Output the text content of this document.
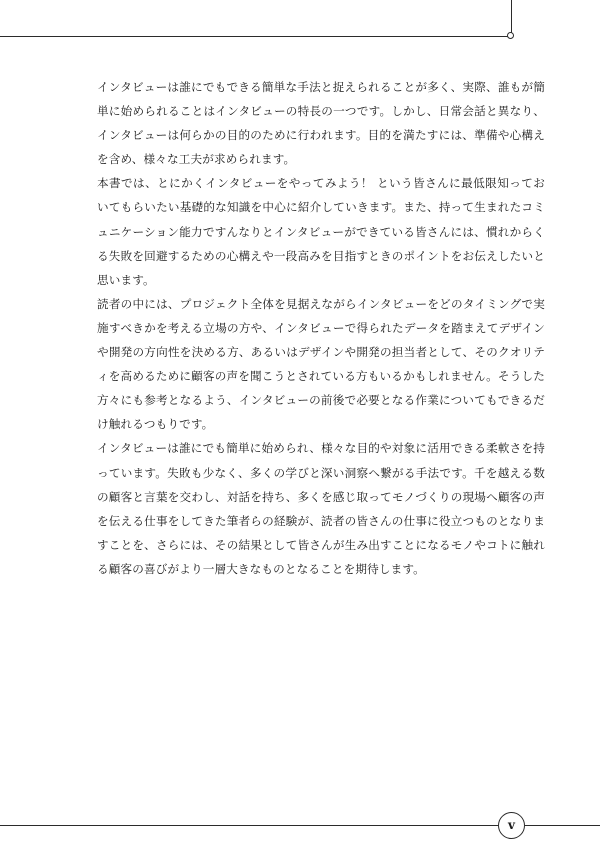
インタビューは誰にでもできる簡単な手法と捉えられることが多く、実際、誰もが簡単に始められることはインタビューの特長の一つです。しかし、日常会話と異なり、インタビューは何らかの目的のために行われます。目的を満たすには、準備や心構えを含め、様々な工夫が求められます。

本書では、とにかくインタビューをやってみよう！ という皆さんに最低限知っておいてもらいたい基礎的な知識を中心に紹介していきます。また、持って生まれたコミュニケーション能力ですんなりとインタビューができている皆さんには、慣れからくる失敗を回避するための心構えや一段高みを目指すときのポイントをお伝えしたいと思います。

読者の中には、プロジェクト全体を見据えながらインタビューをどのタイミングで実施すべきかを考える立場の方や、インタビューで得られたデータを踏まえてデザインや開発の方向性を決める方、あるいはデザインや開発の担当者として、そのクオリティを高めるために顧客の声を聞こうとされている方もいるかもしれません。そうした方々にも参考となるよう、インタビューの前後で必要となる作業についてもできるだけ触れるつもりです。

インタビューは誰にでも簡単に始められ、様々な目的や対象に活用できる柔軟さを持っています。失敗も少なく、多くの学びと深い洞察へ繋がる手法です。千を越える数の顧客と言葉を交わし、対話を持ち、多くを感じ取ってモノづくりの現場へ顧客の声を伝える仕事をしてきた筆者らの経験が、読者の皆さんの仕事に役立つものとなりますことを、さらには、その結果として皆さんが生み出すことになるモノやコトに触れる顧客の喜びがより一層大きなものとなることを期待します。

v
